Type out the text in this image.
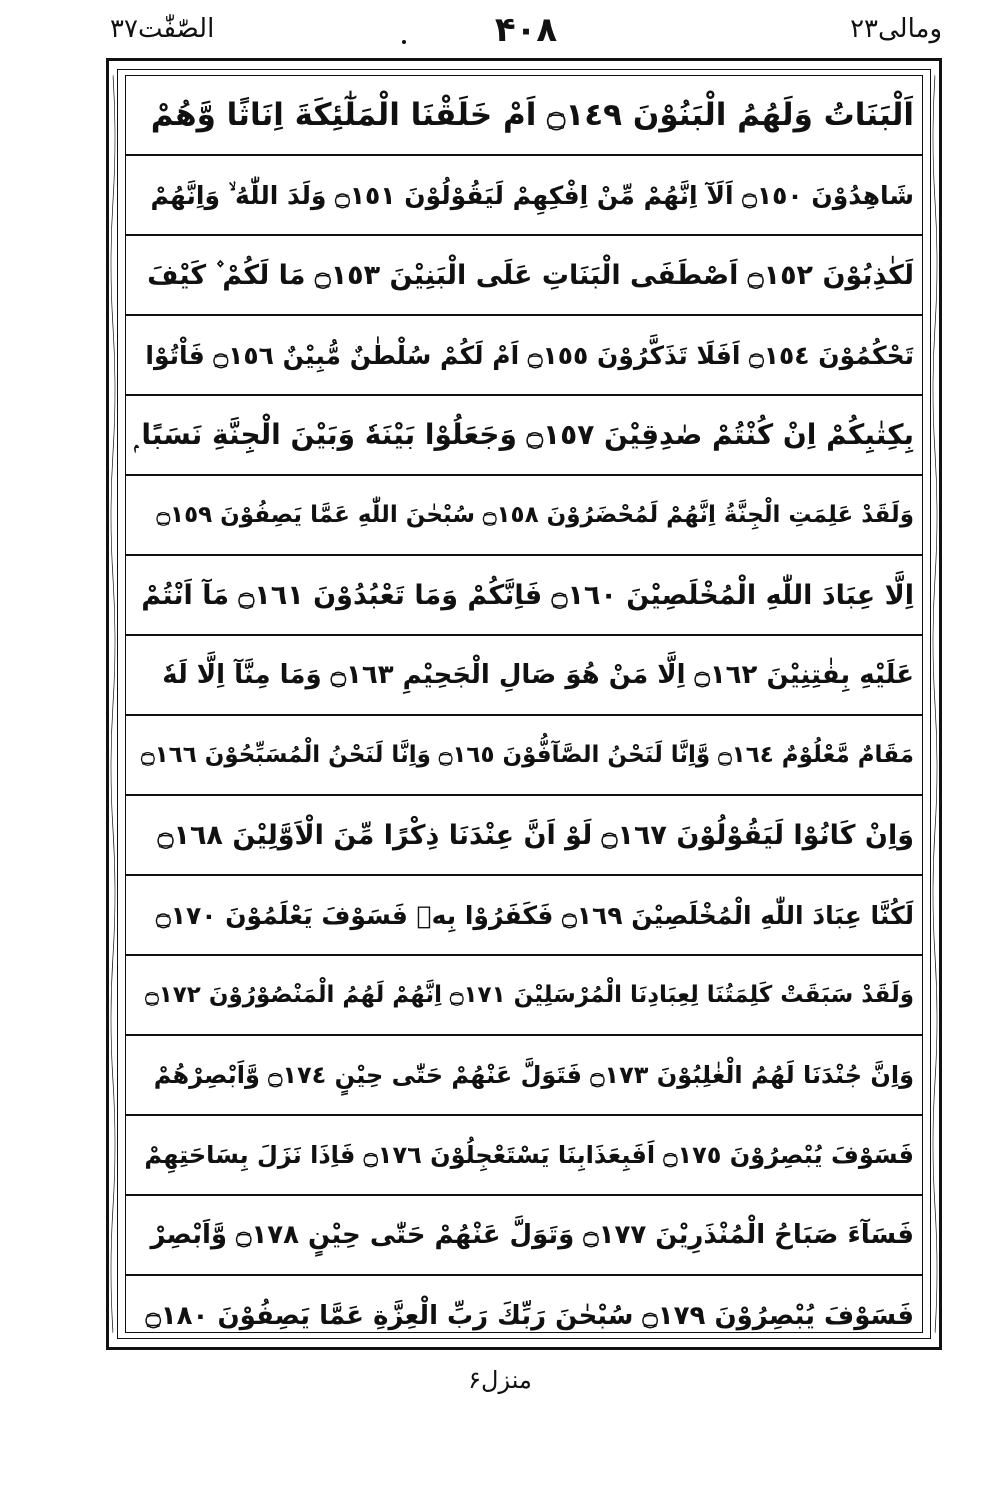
ومالی۲۳
۴۰۸
الصّٰفّٰت۳۷
اَلْبَنَاتُ وَلَهُمُ الْبَنُوْنَ ۝١٤٩ اَمْ خَلَقْنَا الْمَلٰٓئِكَةَ اِنَاثًا وَّهُمْ
شَاهِدُوْنَ ۝١٥٠ اَلَآ اِنَّهُمْ مِّنْ اِفْكِهِمْ لَيَقُوْلُوْنَ ۝١٥١ وَلَدَ اللّٰهُ ۙ وَاِنَّهُمْ
لَكٰذِبُوْنَ ۝١٥٢ اَصْطَفَى الْبَنَاتِ عَلَى الْبَنِيْنَ ۝١٥٣ مَا لَكُمْ ۫ كَيْفَ
تَحْكُمُوْنَ ۝١٥٤ اَفَلَا تَذَكَّرُوْنَ ۝١٥٥ اَمْ لَكُمْ سُلْطٰنٌ مُّبِيْنٌ ۝١٥٦ فَاْتُوْا
بِكِتٰبِكُمْ اِنْ كُنْتُمْ صٰدِقِيْنَ ۝١٥٧ وَجَعَلُوْا بَيْنَهٗ وَبَيْنَ الْجِنَّةِ نَسَبًا ۭ
وَلَقَدْ عَلِمَتِ الْجِنَّةُ اِنَّهُمْ لَمُحْضَرُوْنَ ۝١٥٨ سُبْحٰنَ اللّٰهِ عَمَّا يَصِفُوْنَ ۝١٥٩
اِلَّا عِبَادَ اللّٰهِ الْمُخْلَصِيْنَ ۝١٦٠ فَاِنَّكُمْ وَمَا تَعْبُدُوْنَ ۝١٦١ مَآ اَنْتُمْ
عَلَيْهِ بِفٰتِنِيْنَ ۝١٦٢ اِلَّا مَنْ هُوَ صَالِ الْجَحِيْمِ ۝١٦٣ وَمَا مِنَّآ اِلَّا لَهٗ
مَقَامٌ مَّعْلُوْمٌ ۝١٦٤ وَّاِنَّا لَنَحْنُ الصَّآفُّوْنَ ۝١٦٥ وَاِنَّا لَنَحْنُ الْمُسَبِّحُوْنَ ۝١٦٦
وَاِنْ كَانُوْا لَيَقُوْلُوْنَ ۝١٦٧ لَوْ اَنَّ عِنْدَنَا ذِكْرًا مِّنَ الْاَوَّلِيْنَ ۝١٦٨
لَكُنَّا عِبَادَ اللّٰهِ الْمُخْلَصِيْنَ ۝١٦٩ فَكَفَرُوْا بِهٖ فَسَوْفَ يَعْلَمُوْنَ ۝١٧٠
وَلَقَدْ سَبَقَتْ كَلِمَتُنَا لِعِبَادِنَا الْمُرْسَلِيْنَ ۝١٧١ اِنَّهُمْ لَهُمُ الْمَنْصُوْرُوْنَ ۝١٧٢
وَاِنَّ جُنْدَنَا لَهُمُ الْغٰلِبُوْنَ ۝١٧٣ فَتَوَلَّ عَنْهُمْ حَتّٰى حِيْنٍ ۝١٧٤ وَّاَبْصِرْهُمْ
فَسَوْفَ يُبْصِرُوْنَ ۝١٧٥ اَفَبِعَذَابِنَا يَسْتَعْجِلُوْنَ ۝١٧٦ فَاِذَا نَزَلَ بِسَاحَتِهِمْ
فَسَآءَ صَبَاحُ الْمُنْذَرِيْنَ ۝١٧٧ وَتَوَلَّ عَنْهُمْ حَتّٰى حِيْنٍ ۝١٧٨ وَّاَبْصِرْ
فَسَوْفَ يُبْصِرُوْنَ ۝١٧٩ سُبْحٰنَ رَبِّكَ رَبِّ الْعِزَّةِ عَمَّا يَصِفُوْنَ ۝١٨٠
منزل۶
